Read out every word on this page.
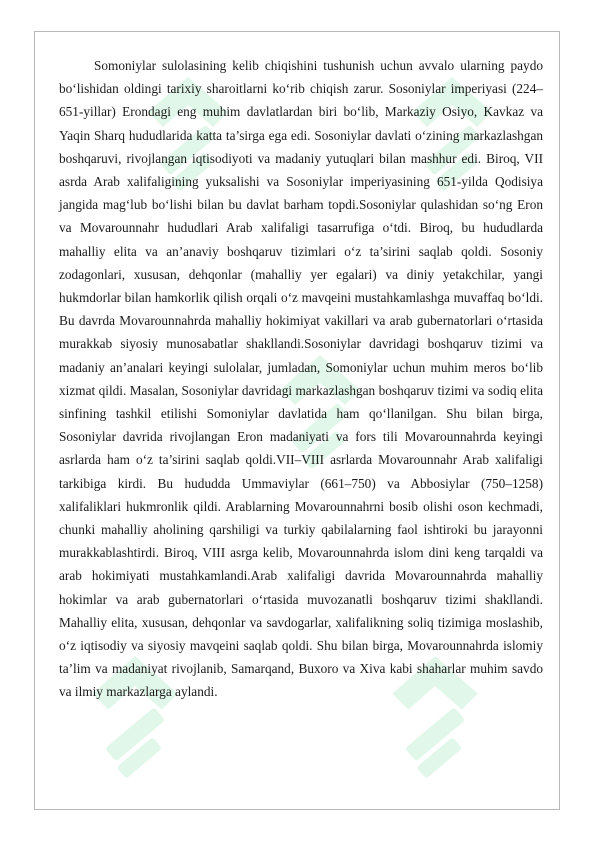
Somoniylar sulolasining kelib chiqishini tushunish uchun avvalo ularning paydo bo‘lishidan oldingi tarixiy sharoitlarni ko‘rib chiqish zarur. Sosoniylar imperiyasi (224–651-yillar) Erondagi eng muhim davlatlardan biri bo‘lib, Markaziy Osiyo, Kavkaz va Yaqin Sharq hududlarida katta ta’sirga ega edi. Sosoniylar davlati o‘zining markazlashgan boshqaruvi, rivojlangan iqtisodiyoti va madaniy yutuqlari bilan mashhur edi. Biroq, VII asrda Arab xalifaligining yuksalishi va Sosoniylar imperiyasining 651-yilda Qodisiya jangida mag‘lub bo‘lishi bilan bu davlat barham topdi.Sosoniylar qulashidan so‘ng Eron va Movarounnahr hududlari Arab xalifaligi tasarrufiga o‘tdi. Biroq, bu hududlarda mahalliy elita va an’anaviy boshqaruv tizimlari o‘z ta’sirini saqlab qoldi. Sosoniy zodagonlari, xususan, dehqonlar (mahalliy yer egalari) va diniy yetakchilar, yangi hukmdorlar bilan hamkorlik qilish orqali o‘z mavqeini mustahkamlashga muvaffaq bo‘ldi. Bu davrda Movarounnahrda mahalliy hokimiyat vakillari va arab gubernatorlari o‘rtasida murakkab siyosiy munosabatlar shakllandi.Sosoniylar davridagi boshqaruv tizimi va madaniy an’analari keyingi sulolalar, jumladan, Somoniylar uchun muhim meros bo‘lib xizmat qildi. Masalan, Sosoniylar davridagi markazlashgan boshqaruv tizimi va sodiq elita sinfining tashkil etilishi Somoniylar davlatida ham qo‘llanilgan. Shu bilan birga, Sosoniylar davrida rivojlangan Eron madaniyati va fors tili Movarounnahrda keyingi asrlarda ham o‘z ta’sirini saqlab qoldi.VII–VIII asrlarda Movarounnahr Arab xalifaligi tarkibiga kirdi. Bu hududda Ummaviylar (661–750) va Abbosiylar (750–1258) xalifaliklari hukmronlik qildi. Arablarning Movarounnahrni bosib olishi oson kechmadi, chunki mahalliy aholining qarshiligi va turkiy qabilalarning faol ishtiroki bu jarayonni murakkablashtirdi. Biroq, VIII asrga kelib, Movarounnahrda islom dini keng tarqaldi va arab hokimiyati mustahkamlandi.Arab xalifaligi davrida Movarounnahrda mahalliy hokimlar va arab gubernatorlari o‘rtasida muvozanatli boshqaruv tizimi shakllandi. Mahalliy elita, xususan, dehqonlar va savdogarlar, xalifalikning soliq tizimiga moslashib, o‘z iqtisodiy va siyosiy mavqeini saqlab qoldi. Shu bilan birga, Movarounnahrda islomiy ta’lim va madaniyat rivojlanib, Samarqand, Buxoro va Xiva kabi shaharlar muhim savdo va ilmiy markazlarga aylandi.
